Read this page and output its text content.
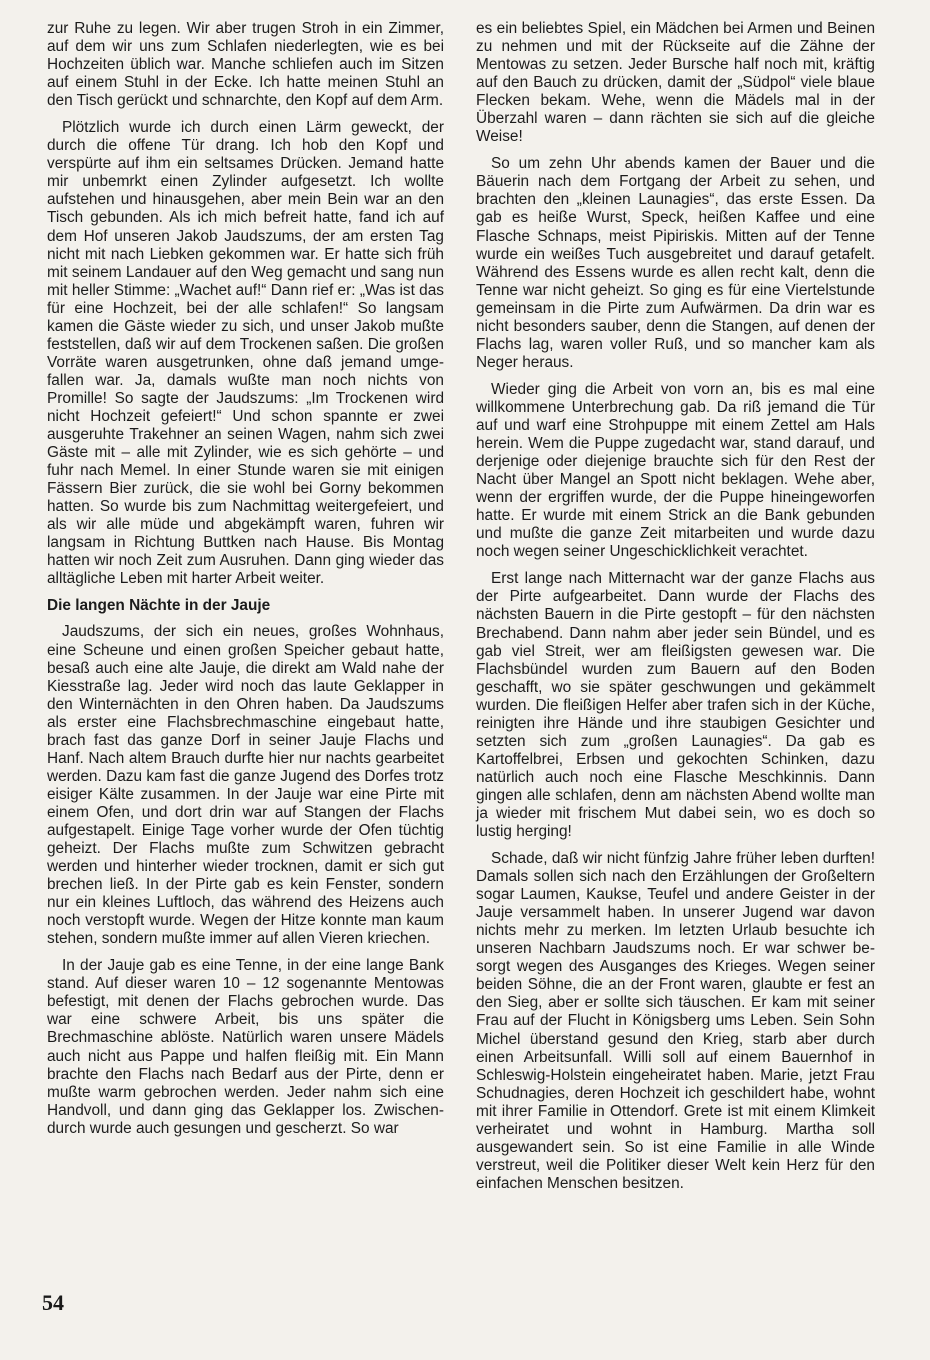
zur Ruhe zu legen. Wir aber trugen Stroh in ein Zimmer, auf dem wir uns zum Schlafen niederlegten, wie es bei Hochzeiten üblich war. Manche schliefen auch im Sitzen auf einem Stuhl in der Ecke. Ich hatte meinen Stuhl an den Tisch gerückt und schnarchte, den Kopf auf dem Arm.

Plötzlich wurde ich durch einen Lärm geweckt, der durch die offene Tür drang. Ich hob den Kopf und verspürte auf ihm ein seltsames Drücken. Jemand hatte mir unbemrkt einen Zylinder aufgesetzt. Ich wollte aufstehen und hinausgehen, aber mein Bein war an den Tisch gebunden. Als ich mich befreit hatte, fand ich auf dem Hof unseren Jakob Jaudszums, der am ersten Tag nicht mit nach Liebken gekommen war. Er hatte sich früh mit seinem Landauer auf den Weg gemacht und sang nun mit heller Stimme: „Wachet auf!“ Dann rief er: „Was ist das für eine Hochzeit, bei der alle schlafen!“ So langsam kamen die Gäste wieder zu sich, und unser Jakob mußte feststellen, daß wir auf dem Trockenen saßen. Die großen Vorräte waren ausgetrunken, ohne daß jemand umgefallen war. Ja, damals wußte man noch nichts von Promille! So sagte der Jaudszums: „Im Trockenen wird nicht Hochzeit gefeiert!“ Und schon spannte er zwei ausgeruhte Trakehner an seinen Wagen, nahm sich zwei Gäste mit – alle mit Zylinder, wie es sich gehörte – und fuhr nach Memel. In einer Stunde waren sie mit einigen Fässern Bier zurück, die sie wohl bei Gorny bekommen hatten. So wurde bis zum Nachmittag weitergefeiert, und als wir alle müde und abgekämpft waren, fuhren wir langsam in Richtung Buttken nach Hause. Bis Montag hatten wir noch Zeit zum Ausruhen. Dann ging wieder das alltägliche Leben mit harter Arbeit weiter.

Die langen Nächte in der Jauje

Jaudszums, der sich ein neues, großes Wohnhaus, eine Scheune und einen großen Speicher gebaut hatte, besaß auch eine alte Jauje, die direkt am Wald nahe der Kiesstraße lag. Jeder wird noch das laute Geklapper in den Winternächten in den Ohren haben. Da Jaudszums als erster eine Flachsbrechmaschine eingebaut hatte, brach fast das ganze Dorf in seiner Jauje Flachs und Hanf. Nach altem Brauch durfte hier nur nachts gearbeitet werden. Dazu kam fast die ganze Jugend des Dorfes trotz eisiger Kälte zusammen. In der Jauje war eine Pirte mit einem Ofen, und dort drin war auf Stangen der Flachs aufgestapelt. Einige Tage vorher wurde der Ofen tüchtig geheizt. Der Flachs mußte zum Schwitzen gebracht werden und hinterher wieder trocknen, damit er sich gut brechen ließ. In der Pirte gab es kein Fenster, sondern nur ein kleines Luftloch, das während des Heizens auch noch verstopft wurde. Wegen der Hitze konnte man kaum stehen, sondern mußte immer auf allen Vieren kriechen.

In der Jauje gab es eine Tenne, in der eine lange Bank stand. Auf dieser waren 10 – 12 sogenannte Mentowas befestigt, mit denen der Flachs gebrochen wurde. Das war eine schwere Arbeit, bis uns später die Brechmaschine ablöste. Natürlich waren unsere Mädels auch nicht aus Pappe und halfen fleißig mit. Ein Mann brachte den Flachs nach Bedarf aus der Pirte, denn er mußte warm gebrochen werden. Jeder nahm sich eine Handvoll, und dann ging das Geklapper los. Zwischendurch wurde auch gesungen und gescherzt. So war

es ein beliebtes Spiel, ein Mädchen bei Armen und Beinen zu nehmen und mit der Rückseite auf die Zähne der Mentowas zu setzen. Jeder Bursche half noch mit, kräftig auf den Bauch zu drücken, damit der „Südpol“ viele blaue Flecken bekam. Wehe, wenn die Mädels mal in der Überzahl waren – dann rächten sie sich auf die gleiche Weise!

So um zehn Uhr abends kamen der Bauer und die Bäuerin nach dem Fortgang der Arbeit zu sehen, und brachten den „kleinen Launagies“, das erste Essen. Da gab es heiße Wurst, Speck, heißen Kaffee und eine Flasche Schnaps, meist Pipiriskis. Mitten auf der Tenne wurde ein weißes Tuch ausgebreitet und darauf getafelt. Während des Essens wurde es allen recht kalt, denn die Tenne war nicht geheizt. So ging es für eine Viertelstunde gemeinsam in die Pirte zum Aufwärmen. Da drin war es nicht besonders sauber, denn die Stangen, auf denen der Flachs lag, waren voller Ruß, und so mancher kam als Neger heraus.

Wieder ging die Arbeit von vorn an, bis es mal eine willkommene Unterbrechung gab. Da riß jemand die Tür auf und warf eine Strohpuppe mit einem Zettel am Hals herein. Wem die Puppe zugedacht war, stand darauf, und derjenige oder diejenige brauchte sich für den Rest der Nacht über Mangel an Spott nicht beklagen. Wehe aber, wenn der ergriffen wurde, der die Puppe hineingeworfen hatte. Er wurde mit einem Strick an die Bank gebunden und mußte die ganze Zeit mitarbeiten und wurde dazu noch wegen seiner Ungeschicklichkeit verachtet.

Erst lange nach Mitternacht war der ganze Flachs aus der Pirte aufgearbeitet. Dann wurde der Flachs des nächsten Bauern in die Pirte gestopft – für den nächsten Brechabend. Dann nahm aber jeder sein Bündel, und es gab viel Streit, wer am fleißigsten gewesen war. Die Flachsbündel wurden zum Bauern auf den Boden geschafft, wo sie später geschwungen und gekämmelt wurden. Die fleißigen Helfer aber trafen sich in der Küche, reinigten ihre Hände und ihre staubigen Gesichter und setzten sich zum „großen Launagies“. Da gab es Kartoffelbrei, Erbsen und gekochten Schinken, dazu natürlich auch noch eine Flasche Meschkinnis. Dann gingen alle schlafen, denn am nächsten Abend wollte man ja wieder mit frischem Mut dabei sein, wo es doch so lustig herging!

Schade, daß wir nicht fünfzig Jahre früher leben durften! Damals sollen sich nach den Erzählungen der Großeltern sogar Laumen, Kaukse, Teufel und andere Geister in der Jauje versammelt haben. In unserer Jugend war davon nichts mehr zu merken. Im letzten Urlaub besuchte ich unseren Nachbarn Jaudszums noch. Er war schwer besorgt wegen des Ausganges des Krieges. Wegen seiner beiden Söhne, die an der Front waren, glaubte er fest an den Sieg, aber er sollte sich täuschen. Er kam mit seiner Frau auf der Flucht in Königsberg ums Leben. Sein Sohn Michel überstand gesund den Krieg, starb aber durch einen Arbeitsunfall. Willi soll auf einem Bauernhof in Schleswig-Holstein eingeheiratet haben. Marie, jetzt Frau Schudnagies, deren Hochzeit ich geschildert habe, wohnt mit ihrer Familie in Ottendorf. Grete ist mit einem Klimkeit verheiratet und wohnt in Hamburg. Martha soll ausgewandert sein. So ist eine Familie in alle Winde verstreut, weil die Politiker dieser Welt kein Herz für den einfachen Menschen besitzen.

54
